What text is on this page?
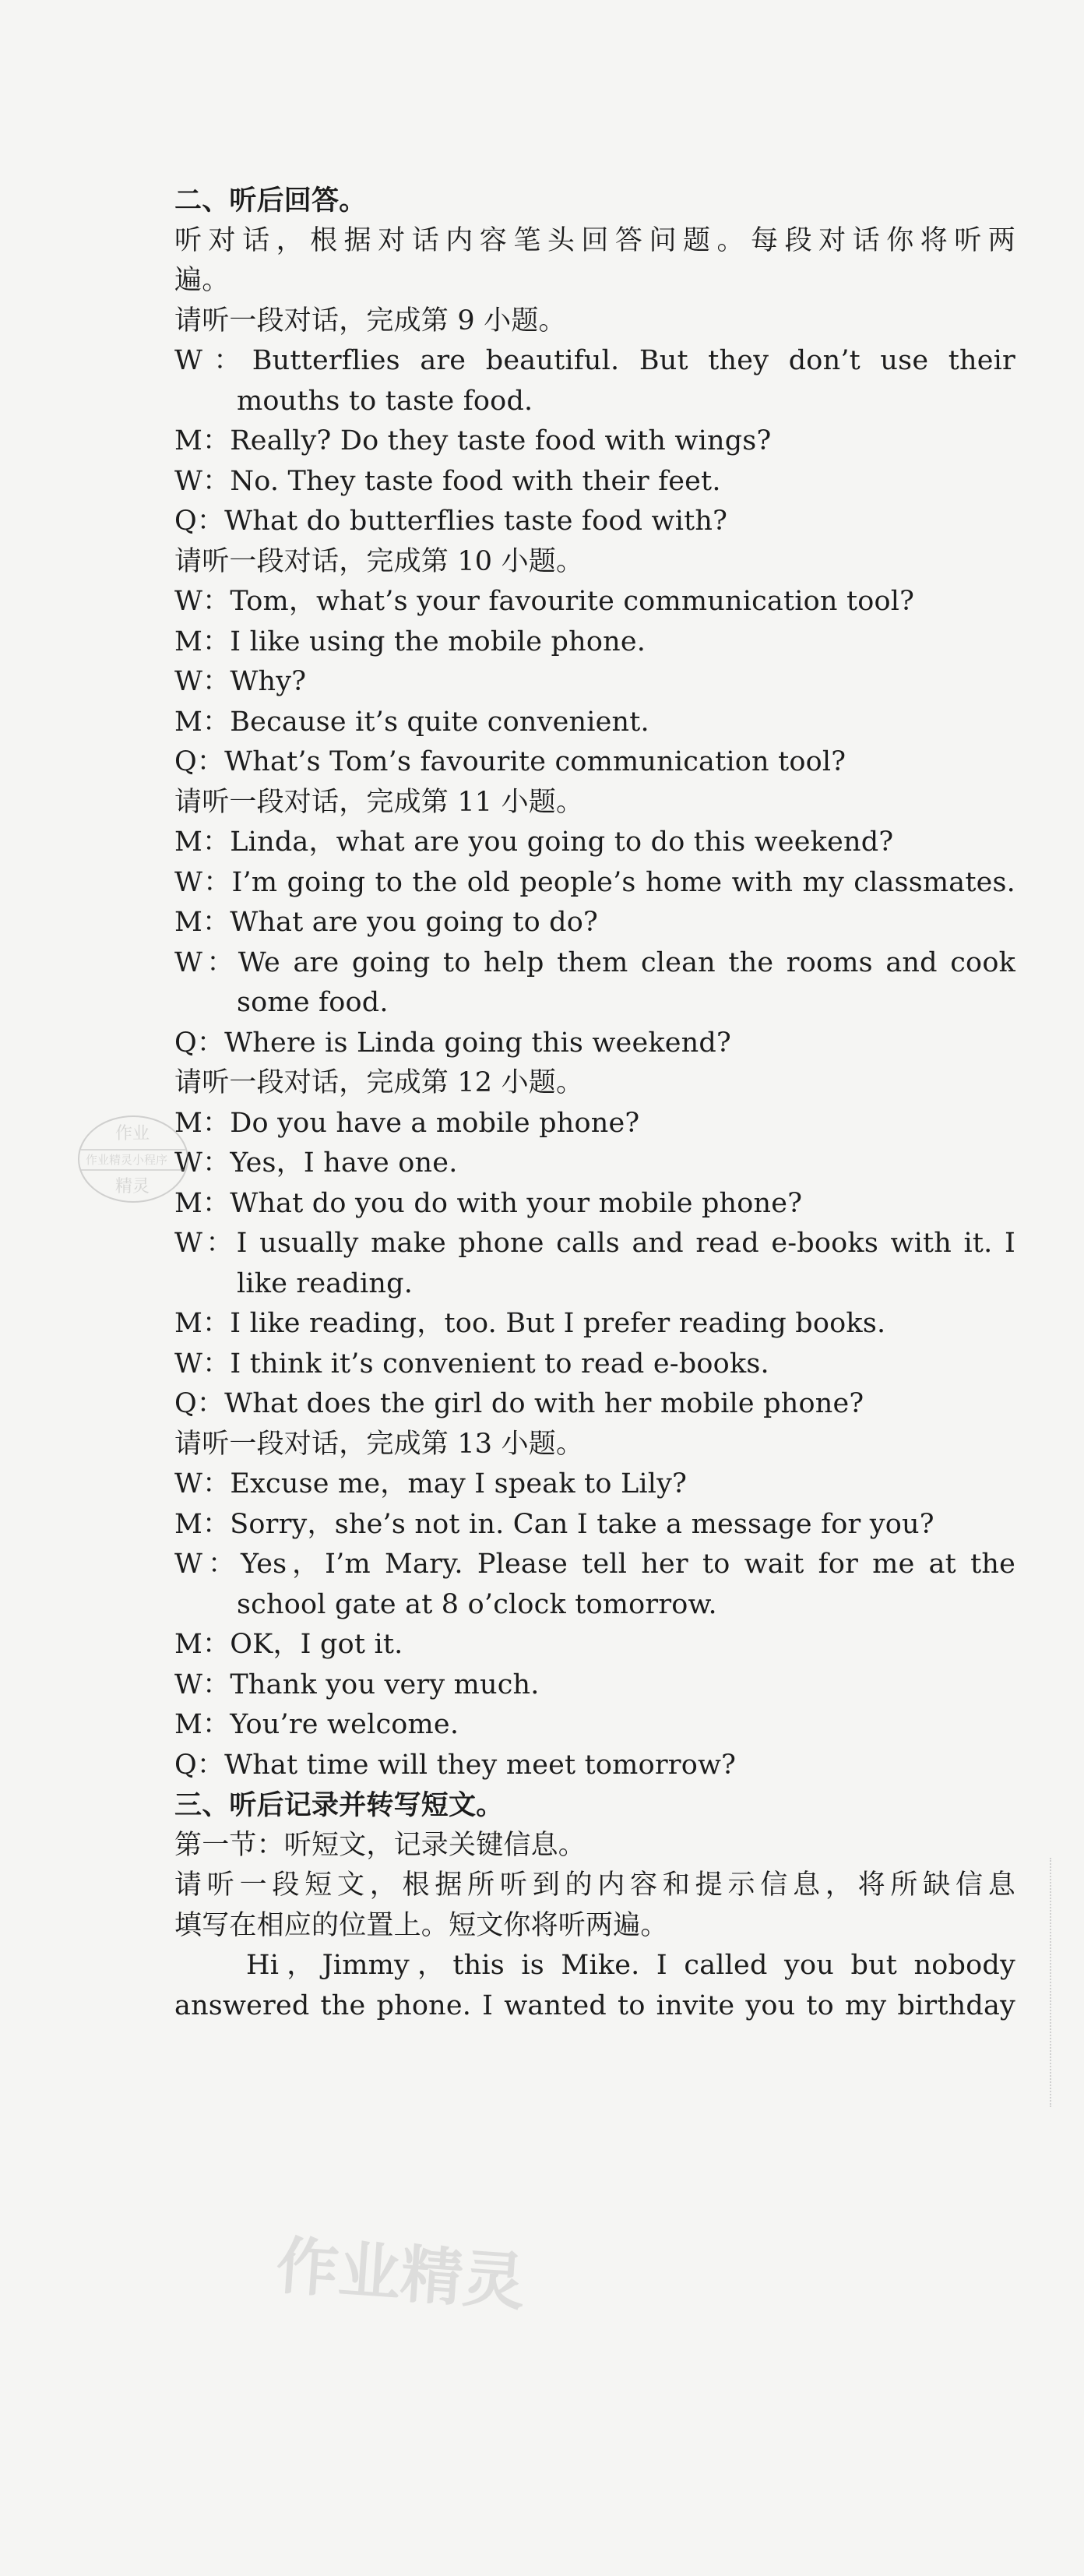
二、听后回答。
听对话，根据对话内容笔头回答问题。每段对话你将听两
遍。
请听一段对话，完成第 9 小题。
W：Butterflies are beautiful. But they don’t use their
mouths to taste food.
M：Really? Do they taste food with wings?
W：No. They taste food with their feet.
Q：What do butterflies taste food with?
请听一段对话，完成第 10 小题。
W：Tom，what’s your favourite communication tool?
M：I like using the mobile phone.
W：Why?
M：Because it’s quite convenient.
Q：What’s Tom’s favourite communication tool?
请听一段对话，完成第 11 小题。
M：Linda，what are you going to do this weekend?
W：I’m going to the old people’s home with my classmates.
M：What are you going to do?
W：We are going to help them clean the rooms and cook
some food.
Q：Where is Linda going this weekend?
请听一段对话，完成第 12 小题。
M：Do you have a mobile phone?
W：Yes，I have one.
M：What do you do with your mobile phone?
W：I usually make phone calls and read e-books with it. I
like reading.
M：I like reading，too. But I prefer reading books.
W：I think it’s convenient to read e-books.
Q：What does the girl do with her mobile phone?
请听一段对话，完成第 13 小题。
W：Excuse me，may I speak to Lily?
M：Sorry，she’s not in. Can I take a message for you?
W：Yes，I’m Mary. Please tell her to wait for me at the
school gate at 8 o’clock tomorrow.
M：OK，I got it.
W：Thank you very much.
M：You’re welcome.
Q：What time will they meet tomorrow?
三、听后记录并转写短文。
第一节：听短文，记录关键信息。
请听一段短文，根据所听到的内容和提示信息，将所缺信息
填写在相应的位置上。短文你将听两遍。
Hi，Jimmy，this is Mike. I called you but nobody
answered the phone. I wanted to invite you to my birthday
作业
作业精灵小程序
精灵
作业精灵
